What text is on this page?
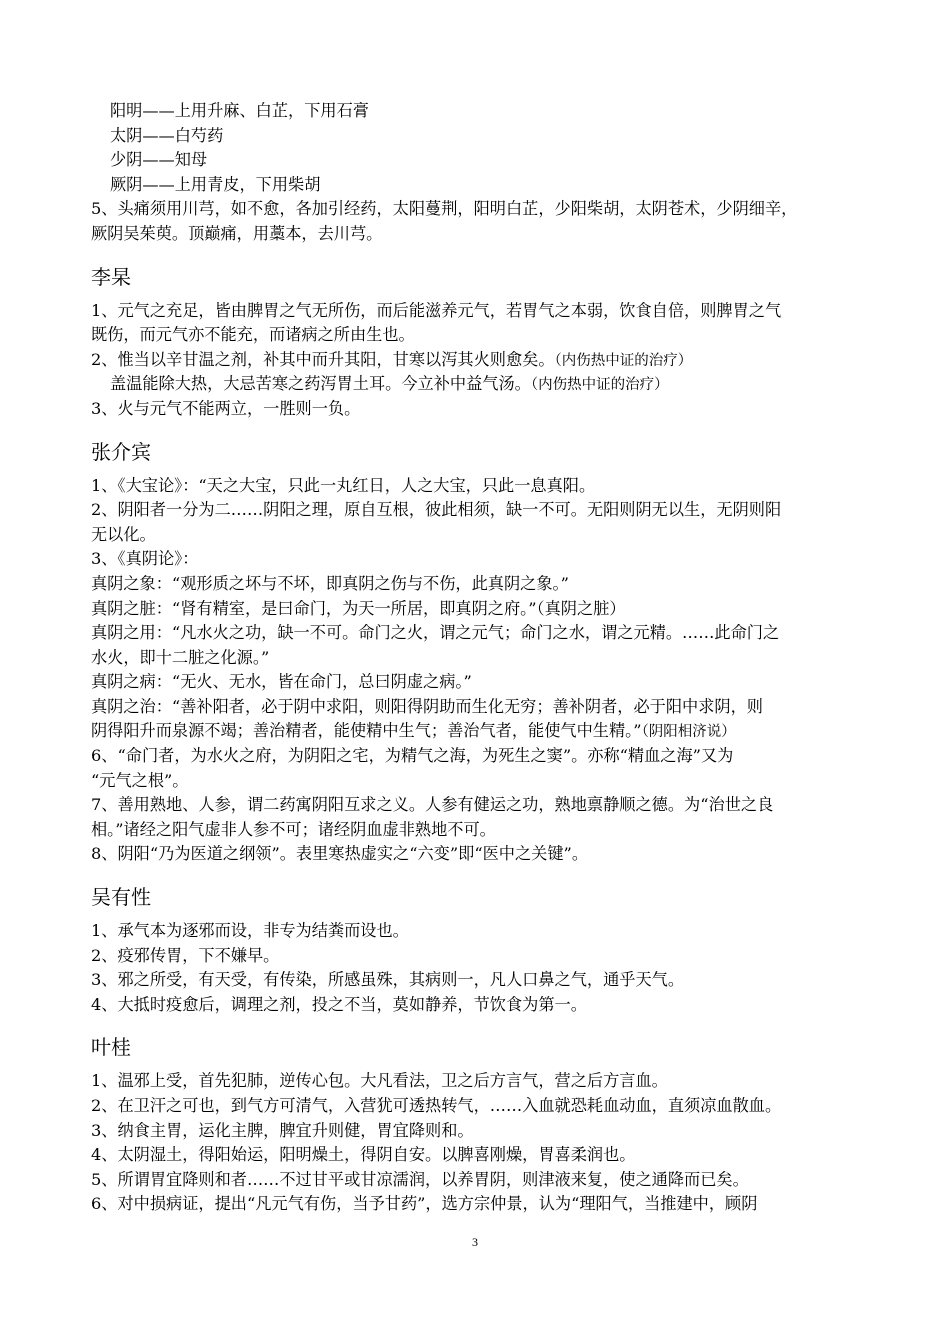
阳明——上用升麻、白芷，下用石膏
太阴——白芍药
少阴——知母
厥阴——上用青皮，下用柴胡
5、头痛须用川芎，如不愈，各加引经药，太阳蔓荆，阳明白芷，少阳柴胡，太阴苍术，少阴细辛，
厥阴吴茱萸。顶巅痛，用藁本，去川芎。
李杲
1、元气之充足，皆由脾胃之气无所伤，而后能滋养元气，若胃气之本弱，饮食自倍，则脾胃之气
既伤，而元气亦不能充，而诸病之所由生也。
2、惟当以辛甘温之剂，补其中而升其阳，甘寒以泻其火则愈矣。（内伤热中证的治疗）
盖温能除大热，大忌苦寒之药泻胃土耳。今立补中益气汤。（内伤热中证的治疗）
3、火与元气不能两立，一胜则一负。
张介宾
1、《大宝论》：“天之大宝，只此一丸红日，人之大宝，只此一息真阳。
2、阴阳者一分为二……阴阳之理，原自互根，彼此相须，缺一不可。无阳则阴无以生，无阴则阳
无以化。
3、《真阴论》：
真阴之象：“观形质之坏与不坏，即真阴之伤与不伤，此真阴之象。”
真阴之脏：“肾有精室，是曰命门，为天一所居，即真阴之府。”（真阴之脏）
真阴之用：“凡水火之功，缺一不可。命门之火，谓之元气；命门之水，谓之元精。……此命门之
水火，即十二脏之化源。”
真阴之病：“无火、无水，皆在命门，总曰阴虚之病。”
真阴之治：“善补阳者，必于阴中求阳，则阳得阴助而生化无穷；善补阴者，必于阳中求阴，则
阴得阳升而泉源不竭；善治精者，能使精中生气；善治气者，能使气中生精。”（阴阳相济说）
6、“命门者，为水火之府，为阴阳之宅，为精气之海，为死生之窦”。亦称“精血之海”又为
“元气之根”。
7、善用熟地、人参，谓二药寓阴阳互求之义。人参有健运之功，熟地禀静顺之德。为“治世之良
相。”诸经之阳气虚非人参不可；诸经阴血虚非熟地不可。
8、阴阳“乃为医道之纲领”。表里寒热虚实之“六变”即“医中之关键”。
吴有性
1、承气本为逐邪而设，非专为结粪而设也。
2、疫邪传胃，下不嫌早。
3、邪之所受，有天受，有传染，所感虽殊，其病则一，凡人口鼻之气，通乎天气。
4、大抵时疫愈后，调理之剂，投之不当，莫如静养，节饮食为第一。
叶桂
1、温邪上受，首先犯肺，逆传心包。大凡看法，卫之后方言气，营之后方言血。
2、在卫汗之可也，到气方可清气，入营犹可透热转气，……入血就恐耗血动血，直须凉血散血。
3、纳食主胃，运化主脾，脾宜升则健，胃宜降则和。
4、太阴湿土，得阳始运，阳明燥土，得阴自安。以脾喜刚燥，胃喜柔润也。
5、所谓胃宜降则和者……不过甘平或甘凉濡润，以养胃阴，则津液来复，使之通降而已矣。
6、对中损病证，提出“凡元气有伤，当予甘药”，选方宗仲景，认为“理阳气，当推建中，顾阴
3
